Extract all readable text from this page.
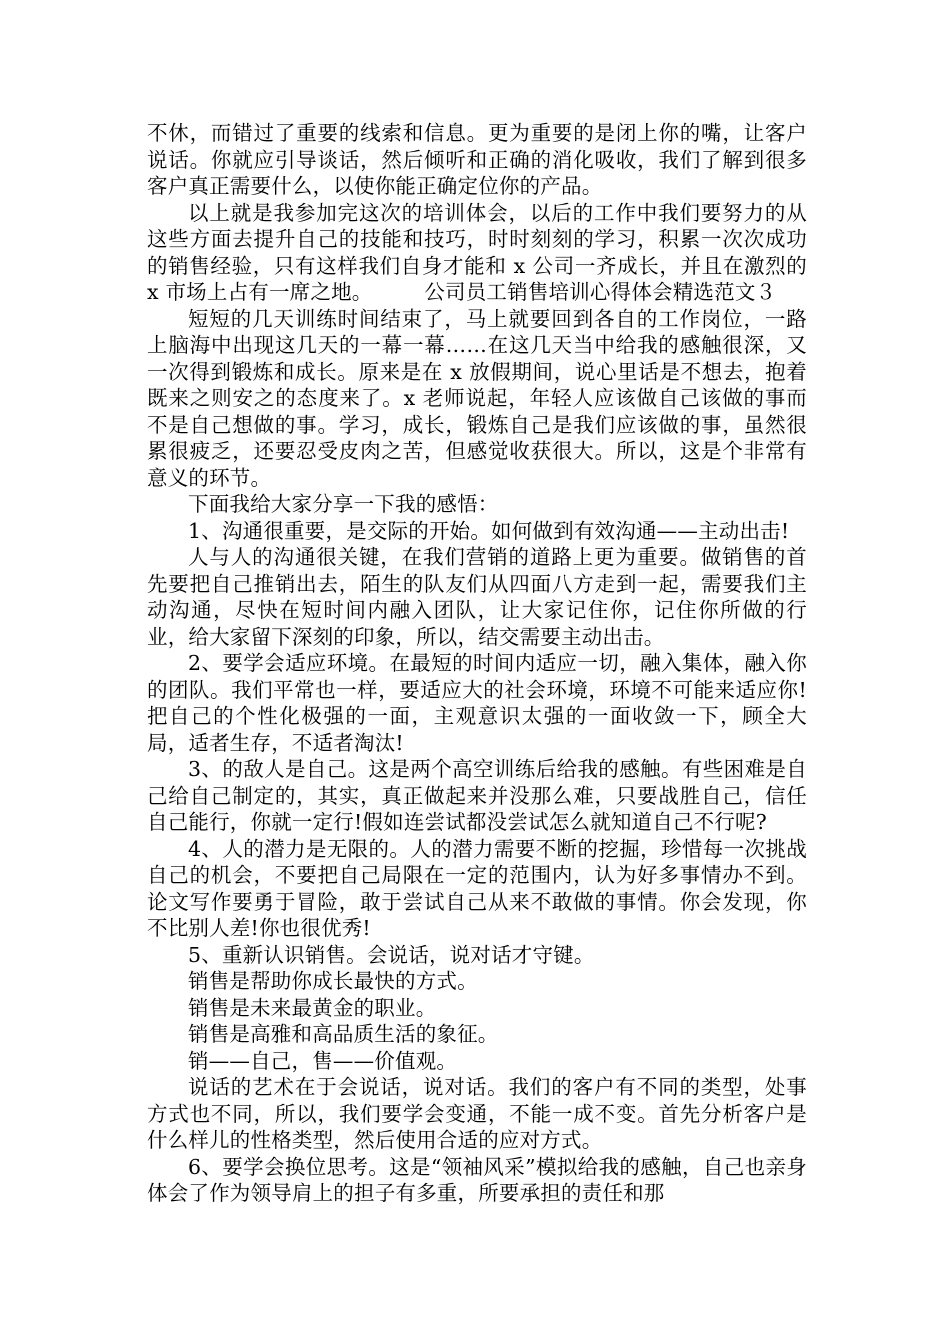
不休，而错过了重要的线索和信息。更为重要的是闭上你的嘴，让客户说话。你就应引导谈话，然后倾听和正确的消化吸收，我们了解到很多客户真正需要什么，以使你能正确定位你的产品。

以上就是我参加完这次的培训体会，以后的工作中我们要努力的从这些方面去提升自己的技能和技巧，时时刻刻的学习，积累一次次成功的销售经验，只有这样我们自身才能和 x 公司一齐成长，并且在激烈的 x 市场上占有一席之地。　　　公司员工销售培训心得体会精选范文３

短短的几天训练时间结束了，马上就要回到各自的工作岗位，一路上脑海中出现这几天的一幕一幕……在这几天当中给我的感触很深，又一次得到锻炼和成长。原来是在 x 放假期间，说心里话是不想去，抱着既来之则安之的态度来了。x 老师说起，年轻人应该做自己该做的事而不是自己想做的事。学习，成长，锻炼自己是我们应该做的事，虽然很累很疲乏，还要忍受皮肉之苦，但感觉收获很大。所以，这是个非常有意义的环节。

下面我给大家分享一下我的感悟：

1、沟通很重要，是交际的开始。如何做到有效沟通——主动出击!

人与人的沟通很关键，在我们营销的道路上更为重要。做销售的首先要把自己推销出去，陌生的队友们从四面八方走到一起，需要我们主动沟通，尽快在短时间内融入团队，让大家记住你，记住你所做的行业，给大家留下深刻的印象，所以，结交需要主动出击。

2、要学会适应环境。在最短的时间内适应一切，融入集体，融入你的团队。我们平常也一样，要适应大的社会环境，环境不可能来适应你!把自己的个性化极强的一面，主观意识太强的一面收敛一下，顾全大局，适者生存，不适者淘汰!

3、的敌人是自己。这是两个高空训练后给我的感触。有些困难是自己给自己制定的，其实，真正做起来并没那么难，只要战胜自己，信任自己能行，你就一定行!假如连尝试都没尝试怎么就知道自己不行呢?

4、人的潜力是无限的。人的潜力需要不断的挖掘，珍惜每一次挑战自己的机会，不要把自己局限在一定的范围内，认为好多事情办不到。论文写作要勇于冒险，敢于尝试自己从来不敢做的事情。你会发现，你不比别人差!你也很优秀!

5、重新认识销售。会说话，说对话才守键。

销售是帮助你成长最快的方式。

销售是未来最黄金的职业。

销售是高雅和高品质生活的象征。

销——自己，售——价值观。

说话的艺术在于会说话，说对话。我们的客户有不同的类型，处事方式也不同，所以，我们要学会变通，不能一成不变。首先分析客户是什么样儿的性格类型，然后使用合适的应对方式。

6、要学会换位思考。这是“领袖风采”模拟给我的感触，自己也亲身体会了作为领导肩上的担子有多重，所要承担的责任和那
